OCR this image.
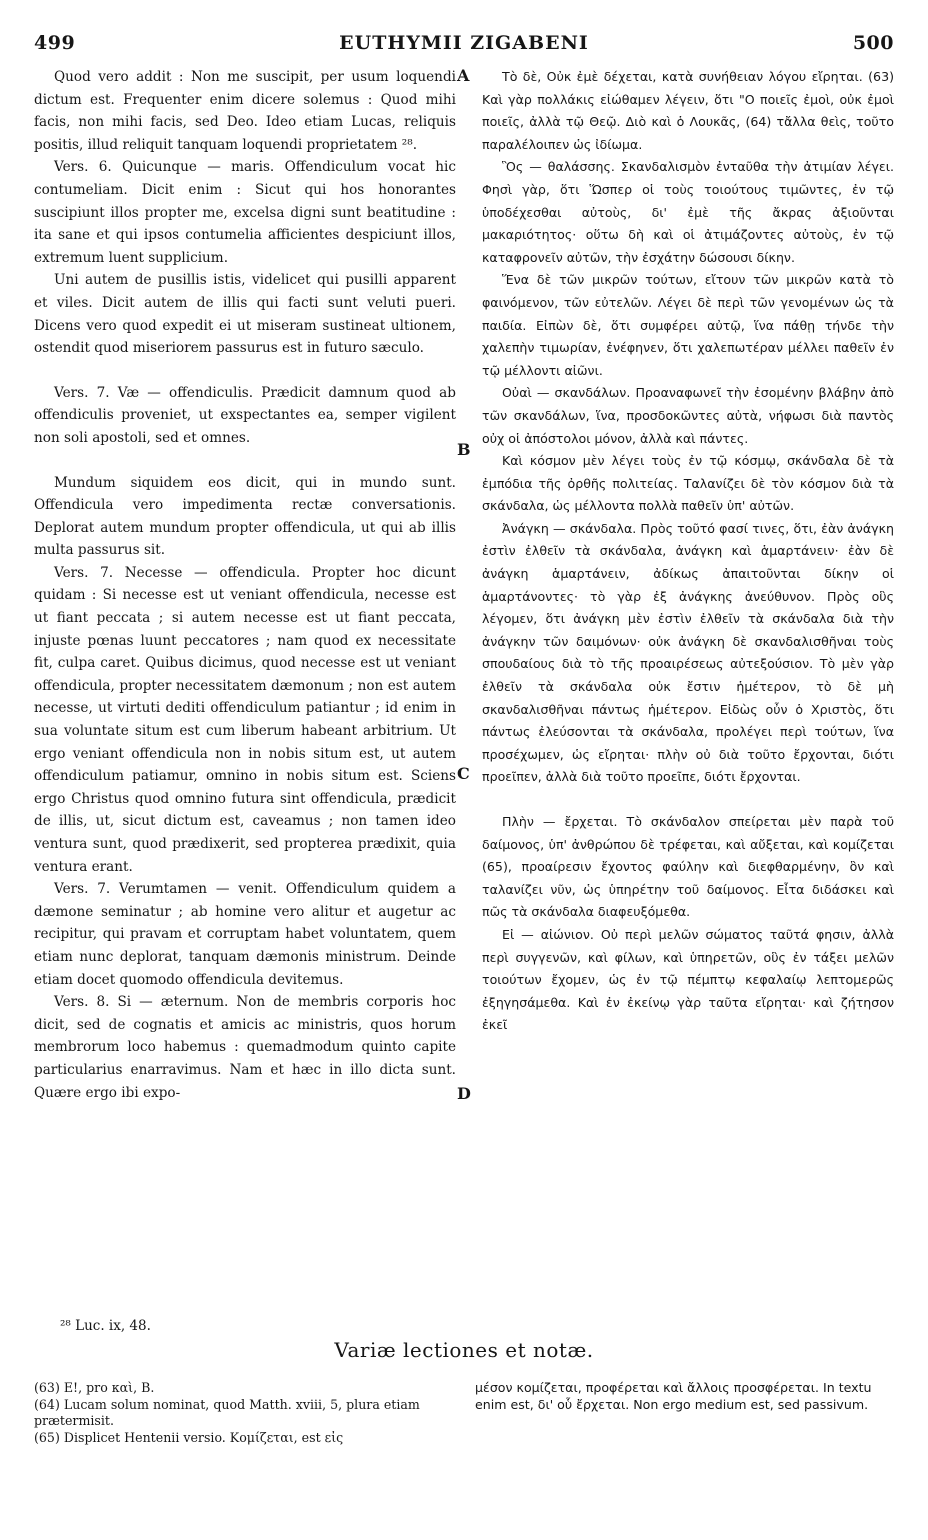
499	EUTHYMII ZIGABENI	500

Quod vero addit : Non me suscipit, per usum loquendi dictum est. Frequenter enim dicere solemus : Quod mihi facis, non mihi facis, sed Deo. Ideo etiam Lucas, reliquis positis, illud reliquit tanquam loquendi proprietatem ²⁸.

Vers. 6. Quicunque — maris. Offendiculum vocat hic contumeliam. Dicit enim : Sicut qui hos honorantes suscipiunt illos propter me, excelsa digni sunt beatitudine : ita sane et qui ipsos contumelia afficientes despiciunt illos, extremum luent supplicium.

Uni autem de pusillis istis, videlicet qui pusilli apparent et viles. Dicit autem de illis qui facti sunt veluti pueri. Dicens vero quod expedit ei ut miseram sustineat ultionem, ostendit quod miseriorem passurus est in futuro sæculo.

Vers. 7. Væ — offendiculis. Prædicit damnum quod ab offendiculis proveniet, ut exspectantes ea, semper vigilent non soli apostoli, sed et omnes.

Mundum siquidem eos dicit, qui in mundo sunt. Offendicula vero impedimenta rectæ conversationis. Deplorat autem mundum propter offendicula, ut qui ab illis multa passurus sit.

Vers. 7. Necesse — offendicula. Propter hoc dicunt quidam : Si necesse est ut veniant offendicula, necesse est ut fiant peccata ; si autem necesse est ut fiant peccata, injuste pœnas luunt peccatores ; nam quod ex necessitate fit, culpa caret. Quibus dicimus, quod necesse est ut veniant offendicula, propter necessitatem dæmonum ; non est autem necesse, ut virtuti dediti offendiculum patiantur ; id enim in sua voluntate situm est cum liberum habeant arbitrium. Ut ergo veniant offendicula non in nobis situm est, ut autem offendiculum patiamur, omnino in nobis situm est. Sciens ergo Christus quod omnino futura sint offendicula, prædicit de illis, ut, sicut dictum est, caveamus ; non tamen ideo ventura sunt, quod prædixerit, sed propterea prædixit, quia ventura erant.

Vers. 7. Verumtamen — venit. Offendiculum quidem a dæmone seminatur ; ab homine vero alitur et augetur ac recipitur, qui pravam et corruptam habet voluntatem, quem etiam nunc deplorat, tanquam dæmonis ministrum. Deinde etiam docet quomodo offendicula devitemus.

Vers. 8. Si — æternum. Non de membris corporis hoc dicit, sed de cognatis et amicis ac ministris, quos horum membrorum loco habemus : quemadmodum quinto capite particularius enarravimus. Nam et hæc in illo dicta sunt. Quære ergo ibi expo-

Τὸ δὲ, Οὐκ ἐμὲ δέχεται, κατὰ συνήθειαν λόγου εἴρηται. (63) Καὶ γὰρ πολλάκις εἰώθαμεν λέγειν, ὅτι "Ο ποιεῖς ἐμοὶ, οὐκ ἐμοὶ ποιεῖς, ἀλλὰ τῷ Θεῷ. Διὸ καὶ ὁ Λουκᾶς, (64) τἄλλα θεὶς, τοῦτο παραλέλοιπεν ὡς ἰδίωμα.

Ὃς — θαλάσσης. Σκανδαλισμὸν ἐνταῦθα τὴν ἀτιμίαν λέγει. Φησὶ γὰρ, ὅτι Ὥσπερ οἱ τοὺς τοιούτους τιμῶντες, ἐν τῷ ὑποδέχεσθαι αὐτοὺς, δι' ἐμὲ τῆς ἄκρας ἀξιοῦνται μακαριότητος· οὕτω δὴ καὶ οἱ ἀτιμάζοντες αὐτοὺς, ἐν τῷ καταφρονεῖν αὐτῶν, τὴν ἐσχάτην δώσουσι δίκην.

Ἕνα δὲ τῶν μικρῶν τούτων, εἴτουν τῶν μικρῶν κατὰ τὸ φαινόμενον, τῶν εὐτελῶν. Λέγει δὲ περὶ τῶν γενομένων ὡς τὰ παιδία. Εἰπὼν δὲ, ὅτι συμφέρει αὐτῷ, ἵνα πάθῃ τήνδε τὴν χαλεπὴν τιμωρίαν, ἐνέφηνεν, ὅτι χαλεπωτέραν μέλλει παθεῖν ἐν τῷ μέλλοντι αἰῶνι.

Οὐαὶ — σκανδάλων. Προαναφωνεῖ τὴν ἐσομένην βλάβην ἀπὸ τῶν σκανδάλων, ἵνα, προσδοκῶντες αὐτὰ, νήφωσι διὰ παντὸς οὐχ οἱ ἀπόστολοι μόνον, ἀλλὰ καὶ πάντες.

Καὶ κόσμον μὲν λέγει τοὺς ἐν τῷ κόσμῳ, σκάνδαλα δὲ τὰ ἐμπόδια τῆς ὀρθῆς πολιτείας. Ταλανίζει δὲ τὸν κόσμον διὰ τὰ σκάνδαλα, ὡς μέλλοντα πολλὰ παθεῖν ὑπ' αὐτῶν.

Ἀνάγκη — σκάνδαλα. Πρὸς τοῦτό φασί τινες, ὅτι, ἐὰν ἀνάγκη ἐστὶν ἐλθεῖν τὰ σκάνδαλα, ἀνάγκη καὶ ἁμαρτάνειν· ἐὰν δὲ ἀνάγκη ἁμαρτάνειν, ἀδίκως ἀπαιτοῦνται δίκην οἱ ἁμαρτάνοντες· τὸ γὰρ ἐξ ἀνάγκης ἀνεύθυνον. Πρὸς οὓς λέγομεν, ὅτι ἀνάγκη μὲν ἐστὶν ἐλθεῖν τὰ σκάνδαλα διὰ τὴν ἀνάγκην τῶν δαιμόνων· οὐκ ἀνάγκη δὲ σκανδαλισθῆναι τοὺς σπουδαίους διὰ τὸ τῆς προαιρέσεως αὐτεξούσιον. Τὸ μὲν γὰρ ἐλθεῖν τὰ σκάνδαλα οὐκ ἔστιν ἡμέτερον, τὸ δὲ μὴ σκανδαλισθῆναι πάντως ἡμέτερον. Εἰδὼς οὖν ὁ Χριστὸς, ὅτι πάντως ἐλεύσονται τὰ σκάνδαλα, προλέγει περὶ τούτων, ἵνα προσέχωμεν, ὡς εἴρηται· πλὴν οὐ διὰ τοῦτο ἔρχονται, διότι προεῖπεν, ἀλλὰ διὰ τοῦτο προεῖπε, διότι ἔρχονται.

Πλὴν — ἔρχεται. Τὸ σκάνδαλον σπείρεται μὲν παρὰ τοῦ δαίμονος, ὑπ' ἀνθρώπου δὲ τρέφεται, καὶ αὔξεται, καὶ κομίζεται (65), προαίρεσιν ἔχοντος φαύλην καὶ διεφθαρμένην, ὃν καὶ ταλανίζει νῦν, ὡς ὑπηρέτην τοῦ δαίμονος. Εἶτα διδάσκει καὶ πῶς τὰ σκάνδαλα διαφευξόμεθα.

Εἰ — αἰώνιον. Οὐ περὶ μελῶν σώματος ταῦτά φησιν, ἀλλὰ περὶ συγγενῶν, καὶ φίλων, καὶ ὑπηρετῶν, οὓς ἐν τάξει μελῶν τοιούτων ἔχομεν, ὡς ἐν τῷ πέμπτῳ κεφαλαίῳ λεπτομερῶς ἐξηγησάμεθα. Καὶ ἐν ἐκείνῳ γὰρ ταῦτα εἴρηται· καὶ ζήτησον ἐκεῖ

A
B
C
D
²⁸ Luc. ix, 48.
Variæ lectiones et notæ.

(63) Ε!, pro καὶ, B.

(64) Lucam solum nominat, quod Matth. xviii, 5, plura etiam prætermisit.

(65) Displicet Hentenii versio. Κομίζεται, est εἰς

μέσον κομίζεται, προφέρεται καὶ ἄλλοις προσφέρεται. In textu enim est, δι' οὗ ἔρχεται. Non ergo medium est, sed passivum.
